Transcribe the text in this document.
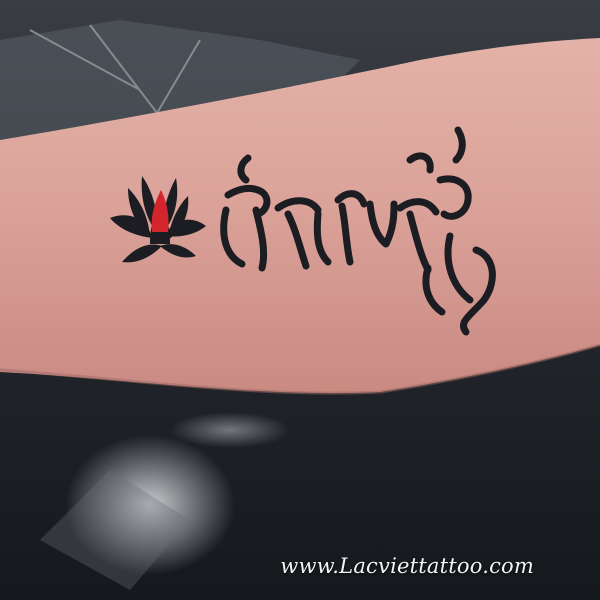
www.Lacviettattoo.com
